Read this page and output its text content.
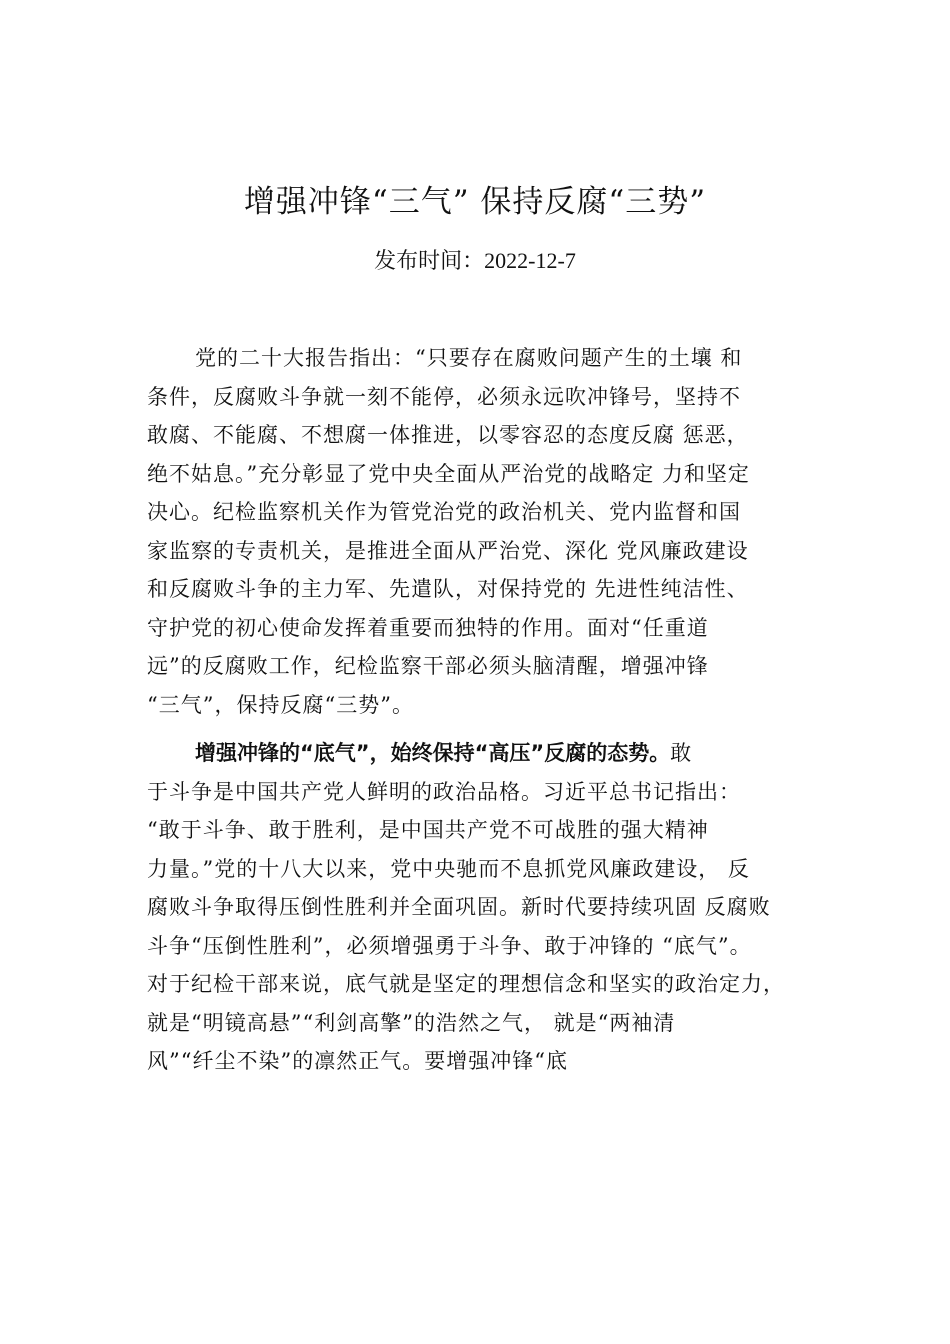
增强冲锋“三气” 保持反腐“三势”
发布时间：2022-12-7
党的二十大报告指出：“只要存在腐败问题产生的土壤 和
条件，反腐败斗争就一刻不能停，必须永远吹冲锋号，坚持不
敢腐、不能腐、不想腐一体推进，以零容忍的态度反腐 惩恶，
绝不姑息。”充分彰显了党中央全面从严治党的战略定 力和坚定
决心。纪检监察机关作为管党治党的政治机关、党内监督和国
家监察的专责机关，是推进全面从严治党、深化 党风廉政建设
和反腐败斗争的主力军、先遣队，对保持党的 先进性纯洁性、
守护党的初心使命发挥着重要而独特的作用。面对“任重道
远”的反腐败工作，纪检监察干部必须头脑清醒，增强冲锋
“三气”，保持反腐“三势”。
增强冲锋的“底气”，始终保持“高压”反腐的态势。敢
于斗争是中国共产党人鲜明的政治品格。习近平总书记指出：
“敢于斗争、敢于胜利，是中国共产党不可战胜的强大精神
力量。”党的十八大以来，党中央驰而不息抓党风廉政建设， 反
腐败斗争取得压倒性胜利并全面巩固。新时代要持续巩固 反腐败
斗争“压倒性胜利”，必须增强勇于斗争、敢于冲锋的 “底气”。
对于纪检干部来说，底气就是坚定的理想信念和坚实的政治定力，
就是“明镜高悬”“利剑高擎”的浩然之气， 就是“两袖清
风”“纤尘不染”的凛然正气。要增强冲锋“底
